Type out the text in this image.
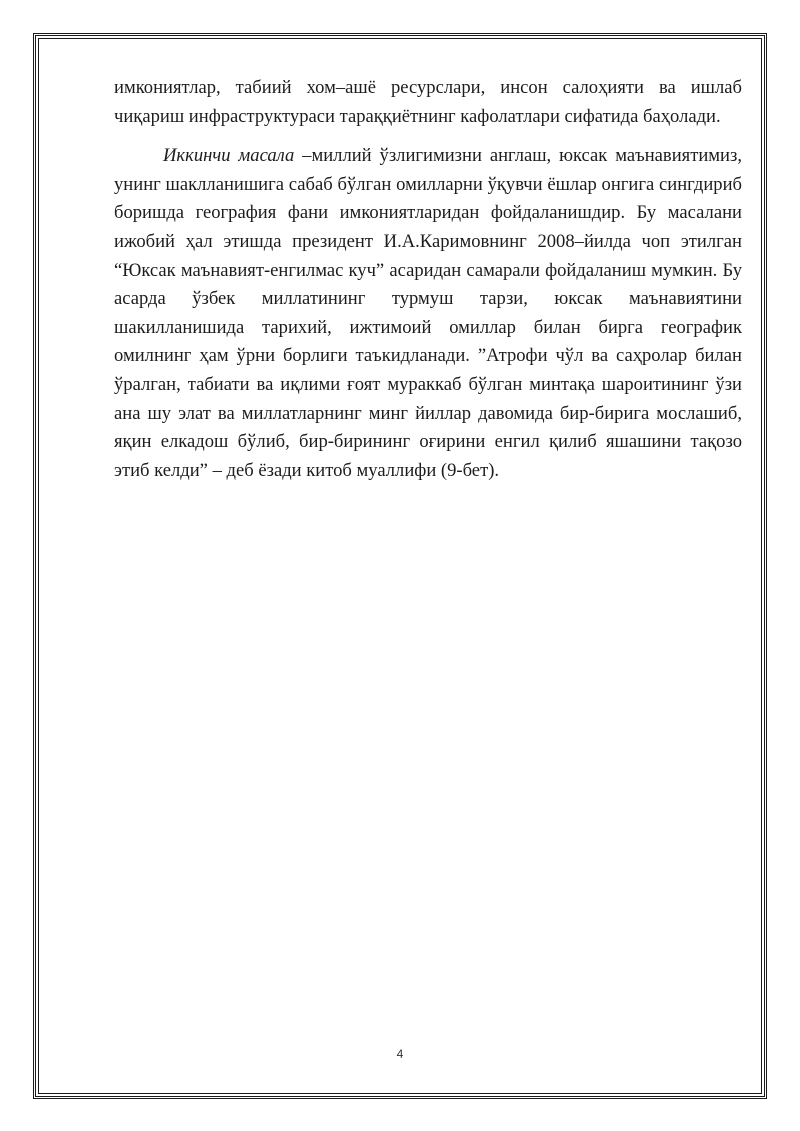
имкониятлар, табиий хом–ашё ресурслари, инсон салоҳияти ва ишлаб чиқариш инфраструктураси тараққиётнинг кафолатлари сифатида баҳолади.

Иккинчи масала –миллий ўзлигимизни англаш, юксак маънавиятимиз, унинг шаклланишига сабаб бўлган омилларни ўқувчи ёшлар онгига сингдириб боришда география фани имкониятларидан фойдаланишдир. Бу масалани ижобий ҳал этишда президент И.А.Каримовнинг 2008–йилда чоп этилган “Юксак маънавият-енгилмас куч” асаридан самарали фойдаланиш мумкин. Бу асарда ўзбек миллатининг турмуш тарзи, юксак маънавиятини шакилланишида тарихий, ижтимоий омиллар билан бирга географик омилнинг ҳам ўрни борлиги таъкидланади. ”Атрофи чўл ва саҳролар билан ўралган, табиати ва иқлими ғоят мураккаб бўлган минтақа шароитининг ўзи ана шу элат ва миллатларнинг минг йиллар давомида бир-бирига мослашиб, яқин елкадош бўлиб, бир-бирининг оғирини енгил қилиб яшашини тақозо этиб келди” – деб ёзади китоб муаллифи (9-бет).

4
